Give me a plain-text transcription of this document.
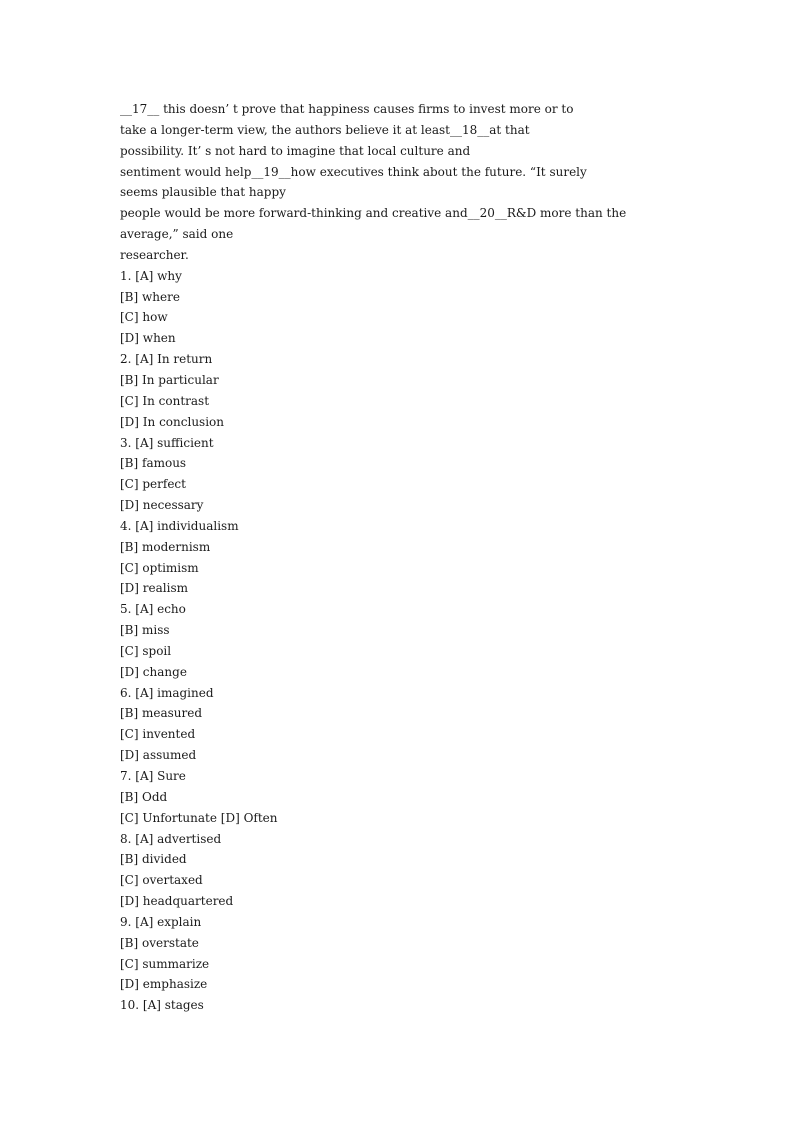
__17__ this doesn’ t prove that happiness causes firms to invest more or to
take a longer-term view, the authors believe it at least__18__at that
possibility. It’ s not hard to imagine that local culture and
sentiment would help__19__how executives think about the future. “It surely
seems plausible that happy
people would be more forward-thinking and creative and__20__R&D more than the
average,” said one
researcher.
1. [A] why
[B] where
[C] how
[D] when
2. [A] In return
[B] In particular
[C] In contrast
[D] In conclusion
3. [A] sufficient
[B] famous
[C] perfect
[D] necessary
4. [A] individualism
[B] modernism
[C] optimism
[D] realism
5. [A] echo
[B] miss
[C] spoil
[D] change
6. [A] imagined
[B] measured
[C] invented
[D] assumed
7. [A] Sure
[B] Odd
[C] Unfortunate [D] Often
8. [A] advertised
[B] divided
[C] overtaxed
[D] headquartered
9. [A] explain
[B] overstate
[C] summarize
[D] emphasize
10. [A] stages
